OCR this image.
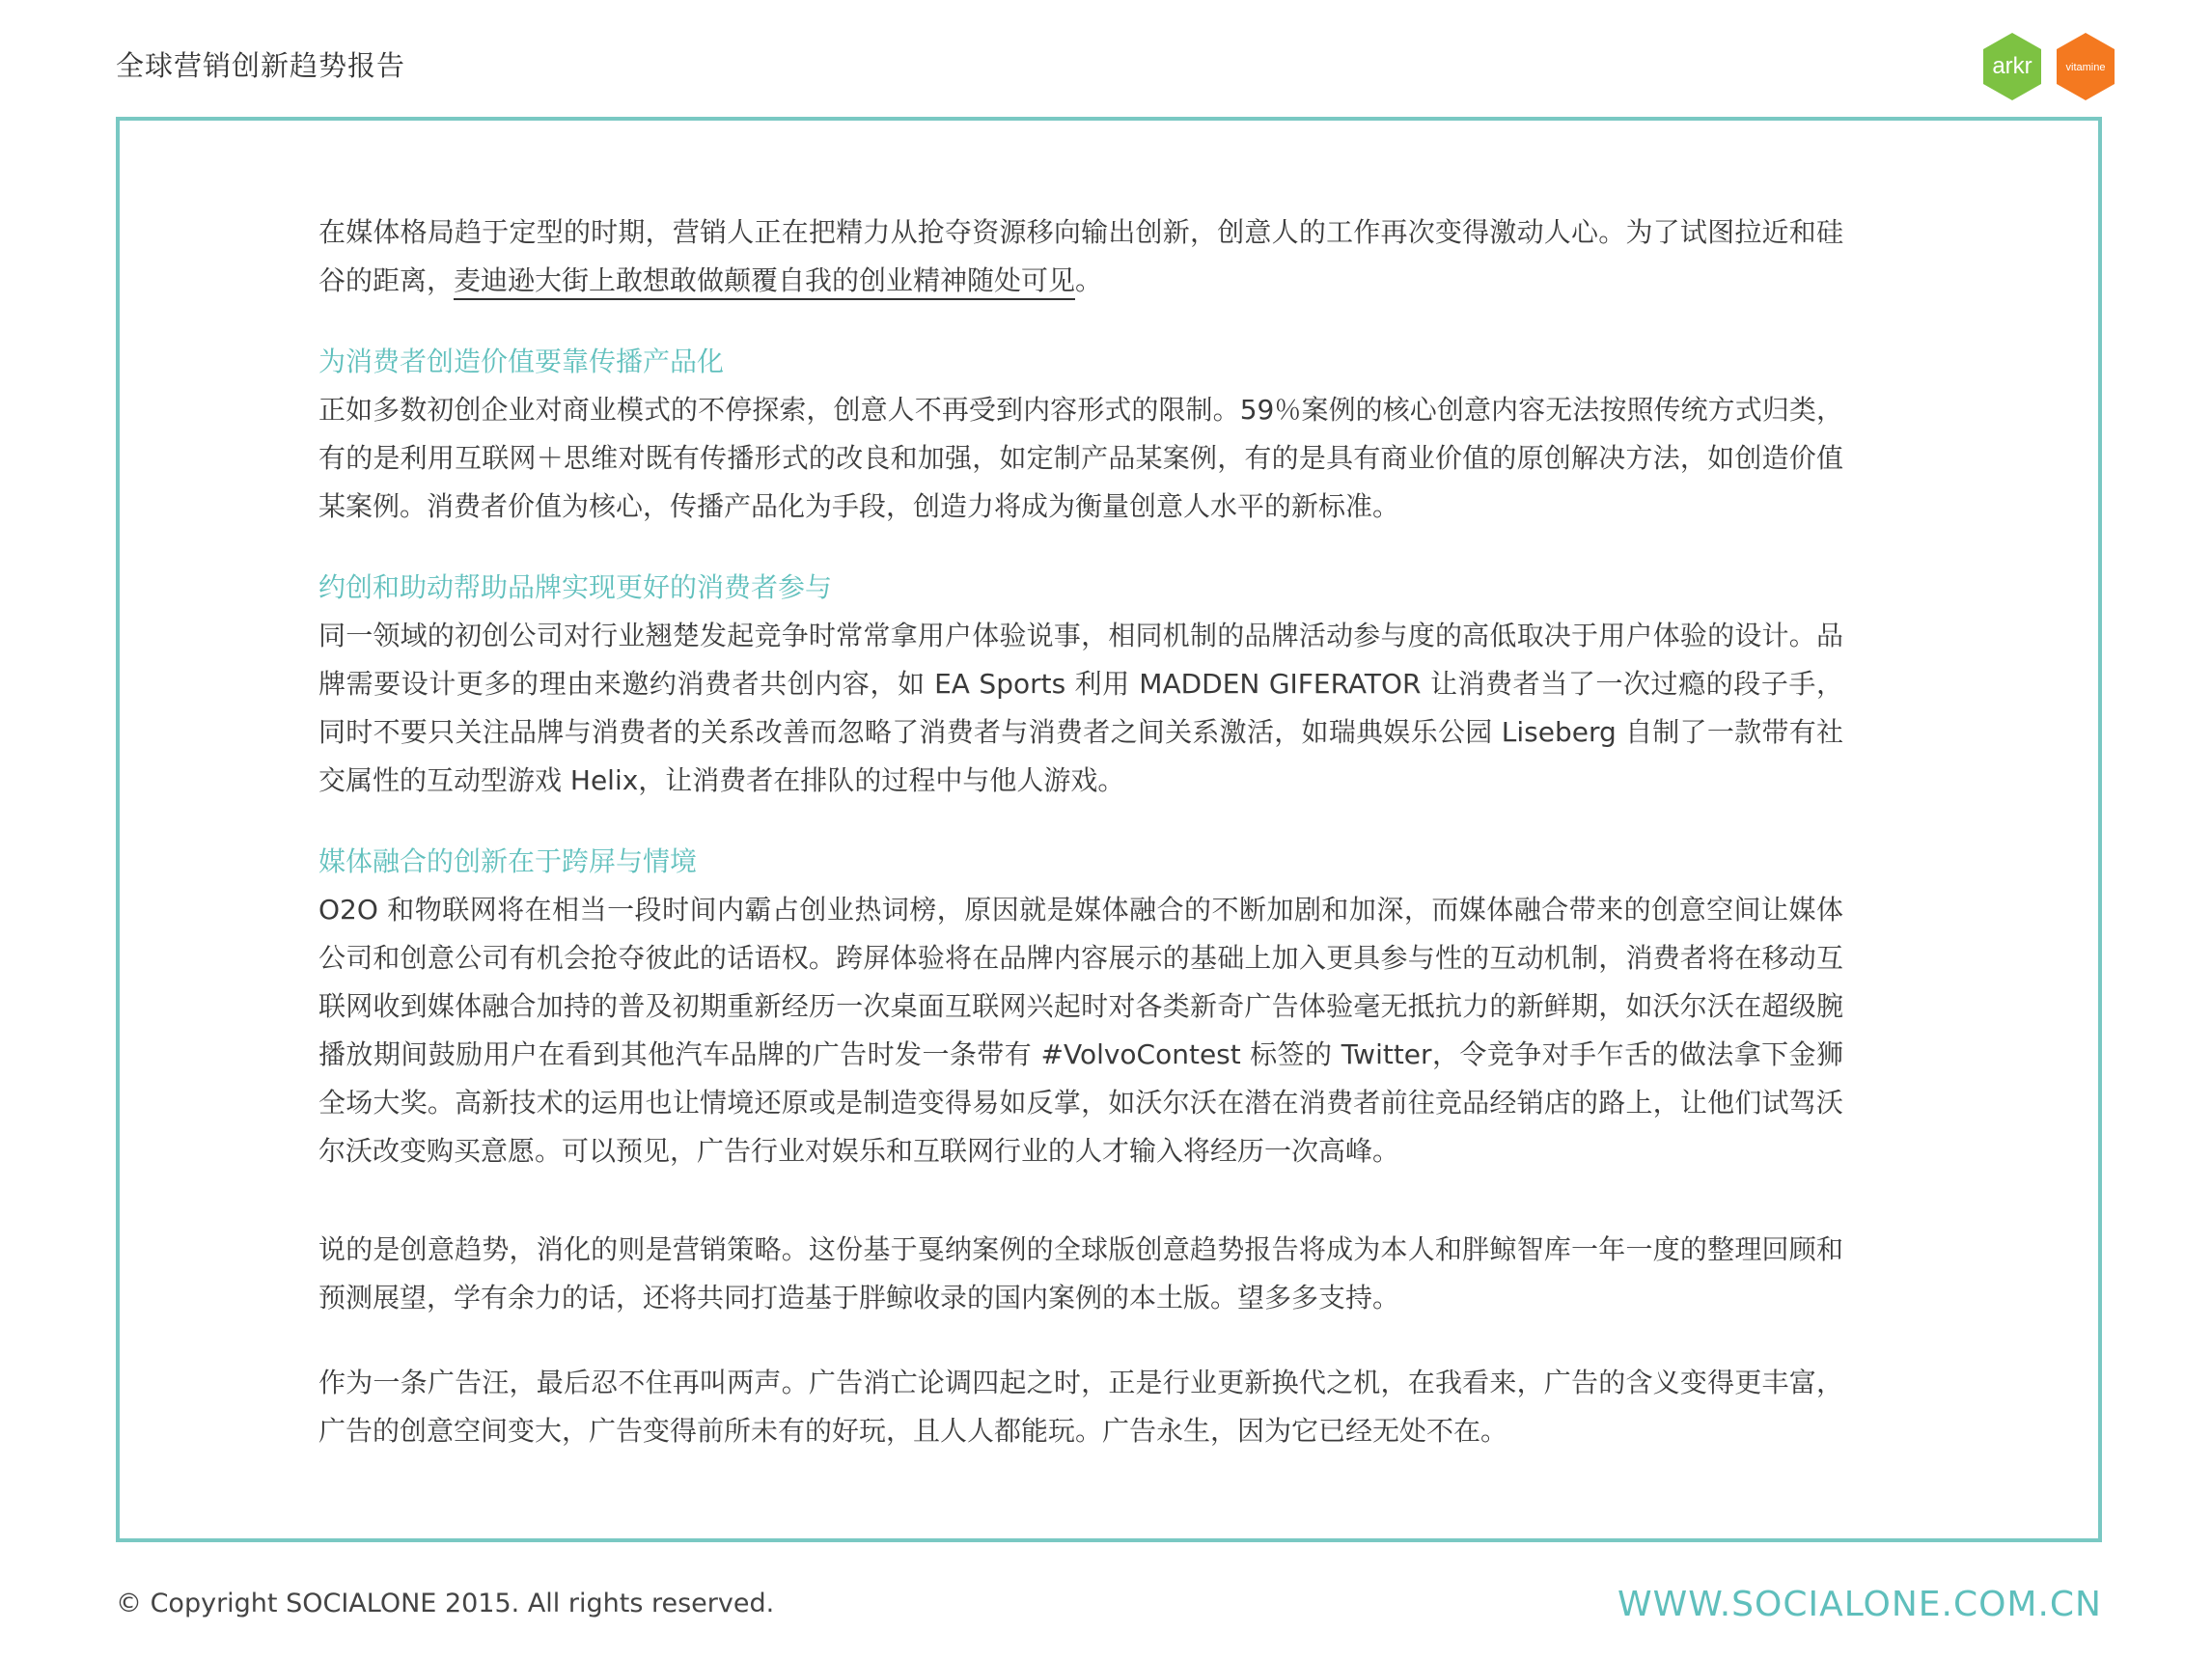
全球营销创新趋势报告	arkr	vitamine

在媒体格局趋于定型的时期，营销人正在把精力从抢夺资源移向输出创新，创意人的工作再次变得激动人心。为了试图拉近和硅谷的距离，麦迪逊大街上敢想敢做颠覆自我的创业精神随处可见。

为消费者创造价值要靠传播产品化

正如多数初创企业对商业模式的不停探索，创意人不再受到内容形式的限制。59％案例的核心创意内容无法按照传统方式归类，有的是利用互联网＋思维对既有传播形式的改良和加强，如定制产品某案例，有的是具有商业价值的原创解决方法，如创造价值某案例。消费者价值为核心，传播产品化为手段，创造力将成为衡量创意人水平的新标准。

约创和助动帮助品牌实现更好的消费者参与

同一领域的初创公司对行业翘楚发起竞争时常常拿用户体验说事，相同机制的品牌活动参与度的高低取决于用户体验的设计。品牌需要设计更多的理由来邀约消费者共创内容，如 EA Sports 利用 MADDEN GIFERATOR 让消费者当了一次过瘾的段子手，同时不要只关注品牌与消费者的关系改善而忽略了消费者与消费者之间关系激活，如瑞典娱乐公园 Liseberg 自制了一款带有社交属性的互动型游戏 Helix，让消费者在排队的过程中与他人游戏。

媒体融合的创新在于跨屏与情境

O2O 和物联网将在相当一段时间内霸占创业热词榜，原因就是媒体融合的不断加剧和加深，而媒体融合带来的创意空间让媒体公司和创意公司有机会抢夺彼此的话语权。跨屏体验将在品牌内容展示的基础上加入更具参与性的互动机制，消费者将在移动互联网收到媒体融合加持的普及初期重新经历一次桌面互联网兴起时对各类新奇广告体验毫无抵抗力的新鲜期，如沃尔沃在超级腕播放期间鼓励用户在看到其他汽车品牌的广告时发一条带有 #VolvoContest 标签的 Twitter，令竞争对手乍舌的做法拿下金狮全场大奖。高新技术的运用也让情境还原或是制造变得易如反掌，如沃尔沃在潜在消费者前往竞品经销店的路上，让他们试驾沃尔沃改变购买意愿。可以预见，广告行业对娱乐和互联网行业的人才输入将经历一次高峰。

说的是创意趋势，消化的则是营销策略。这份基于戛纳案例的全球版创意趋势报告将成为本人和胖鲸智库一年一度的整理回顾和预测展望，学有余力的话，还将共同打造基于胖鲸收录的国内案例的本土版。望多多支持。

作为一条广告汪，最后忍不住再叫两声。广告消亡论调四起之时，正是行业更新换代之机，在我看来，广告的含义变得更丰富，广告的创意空间变大，广告变得前所未有的好玩，且人人都能玩。广告永生，因为它已经无处不在。

© Copyright SOCIALONE 2015. All rights reserved.	WWW.SOCIALONE.COM.CN
